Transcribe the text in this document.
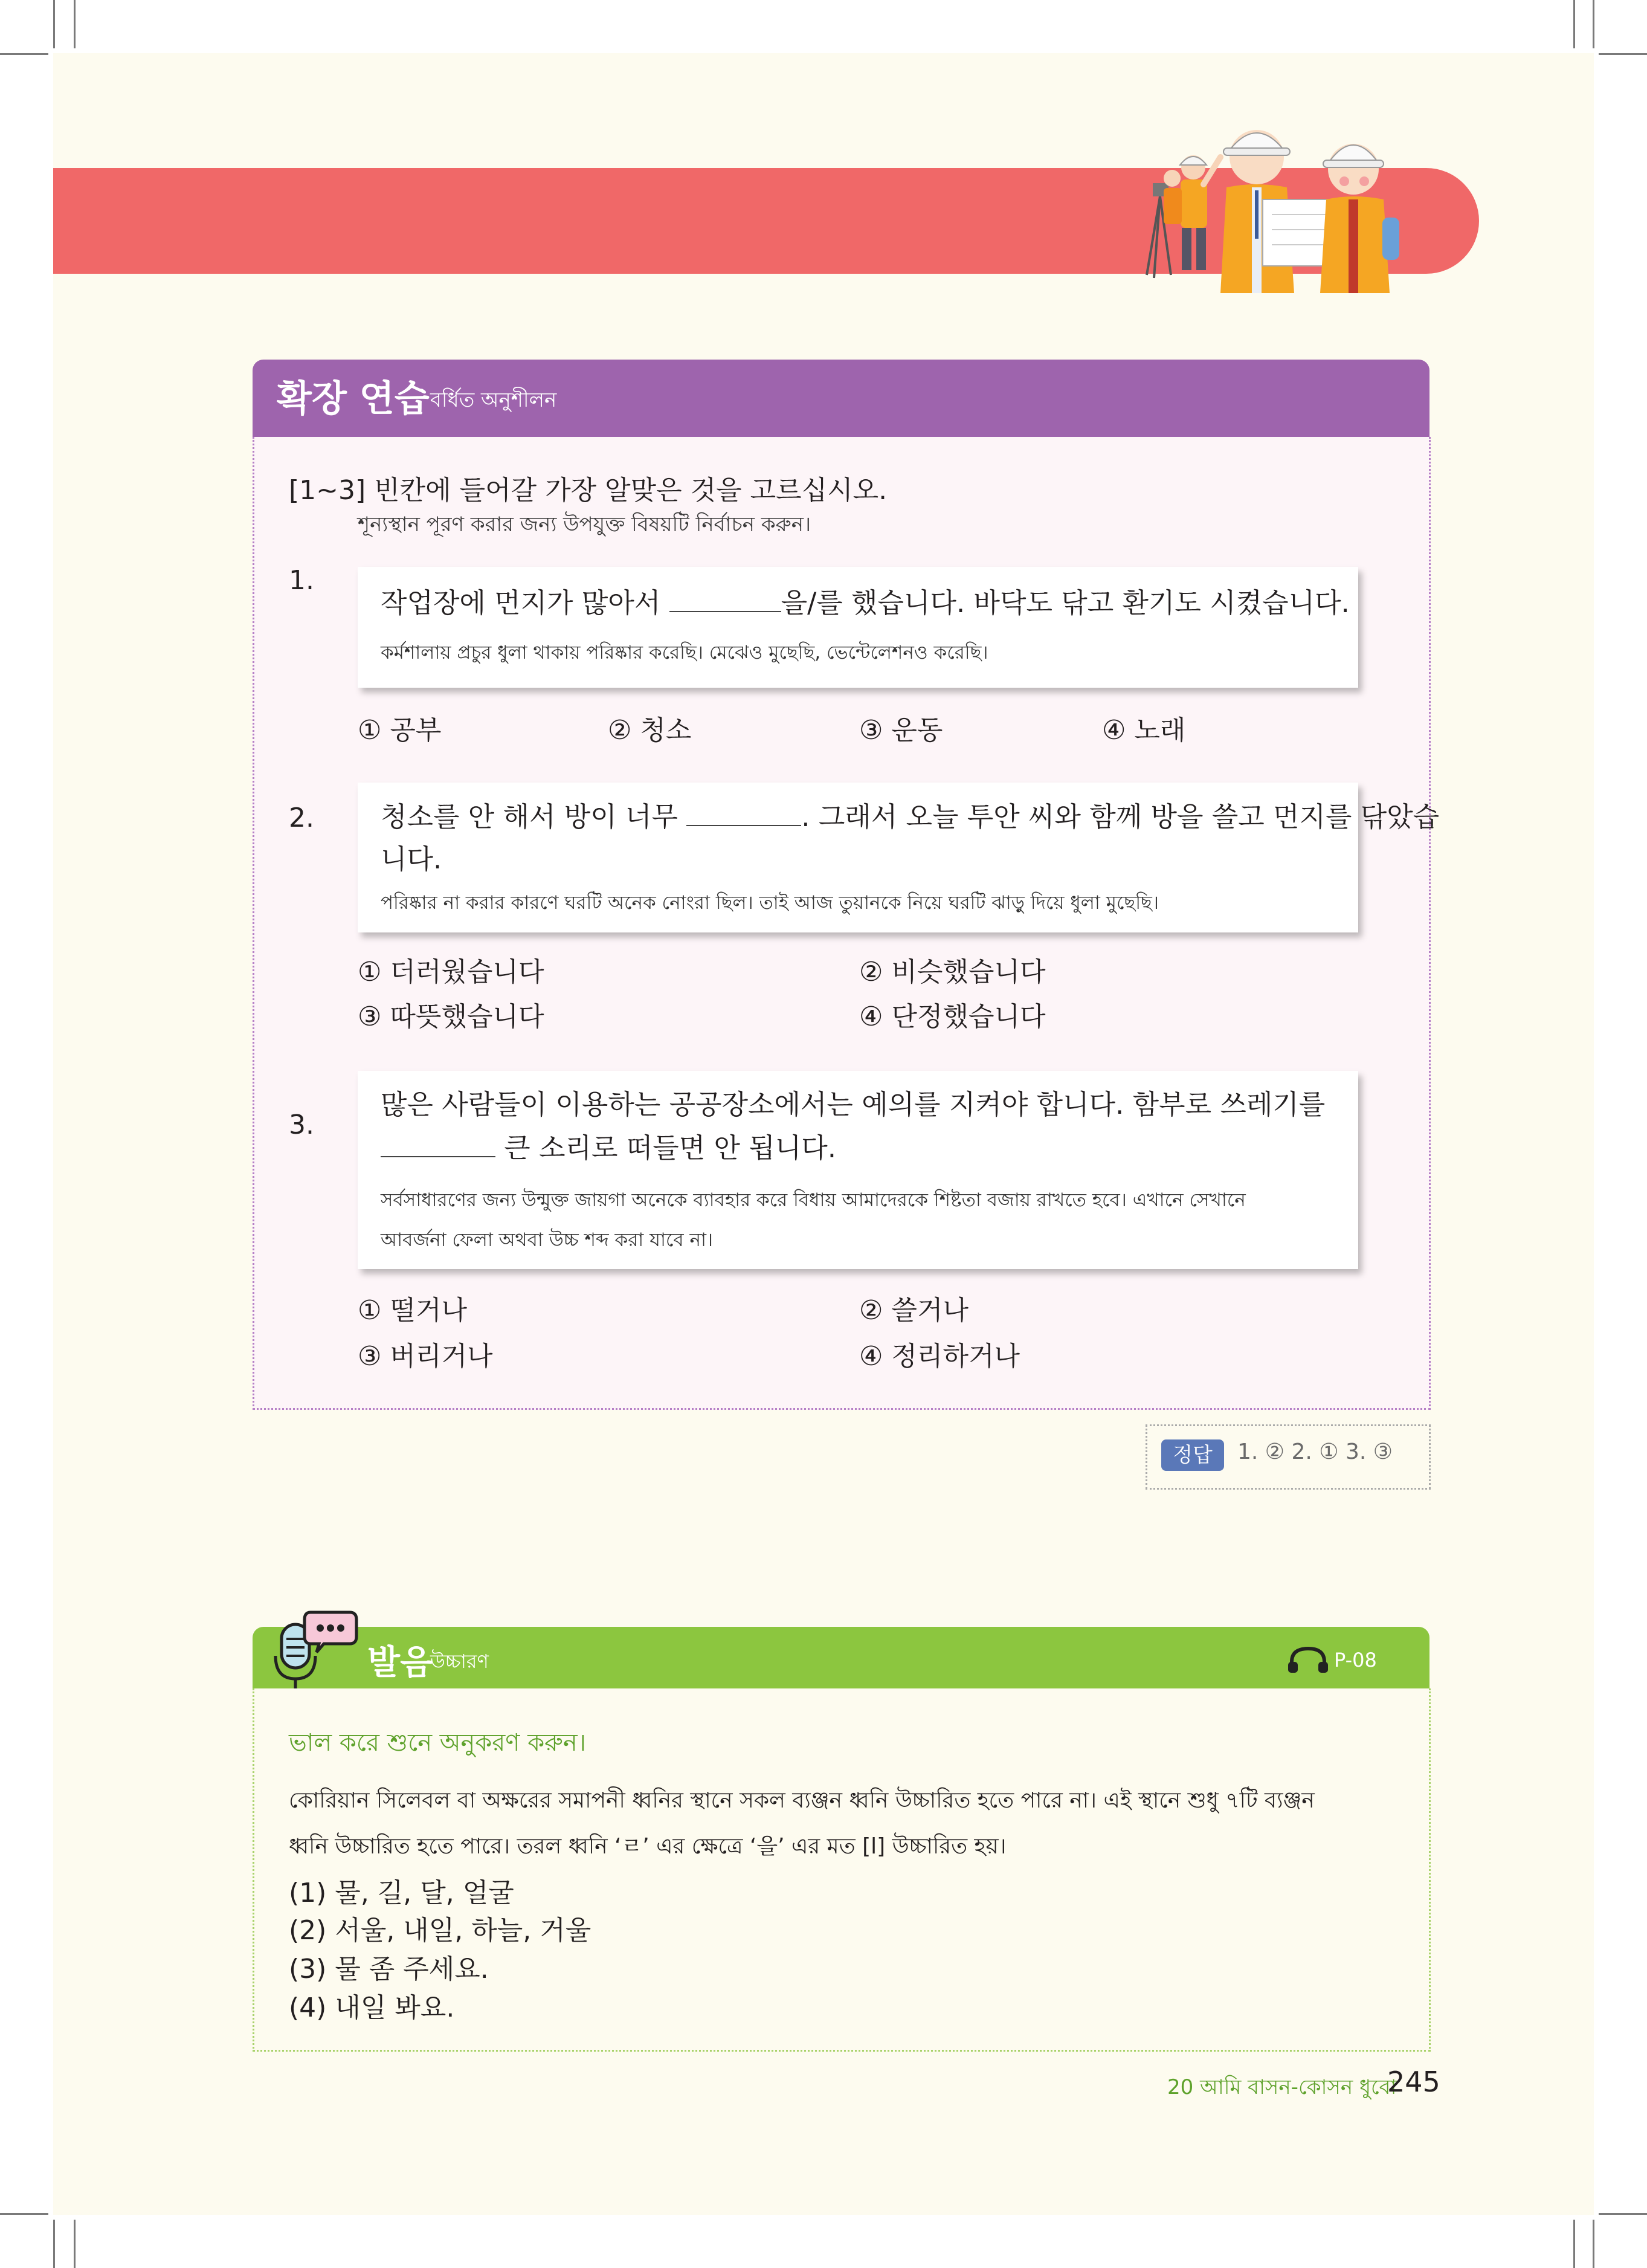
확장 연습 বর্ধিত অনুশীলন
[1~3] 빈칸에 들어갈 가장 알맞은 것을 고르십시오.
শূন্যস্থান পূরণ করার জন্য উপযুক্ত বিষয়টি নির্বাচন করুন।
1.
작업장에 먼지가 많아서	을/를 했습니다. 바닥도 닦고 환기도 시켰습니다.
কর্মশালায় প্রচুর ধুলা থাকায় পরিষ্কার করেছি। মেঝেও মুছেছি, ভেন্টেলেশনও করেছি।
① 공부	② 청소	③ 운동	④ 노래
2. 청소를 안 해서 방이 너무	. 그래서 오늘 투안 씨와 함께 방을 쓸고 먼지를 닦았습
니다.
পরিষ্কার না করার কারণে ঘরটি অনেক নোংরা ছিল। তাই আজ তুয়ানকে নিয়ে ঘরটি ঝাড়ু দিয়ে ধুলা মুছেছি।
① 더러웠습니다	② 비슷했습니다
③ 따뜻했습니다	④ 단정했습니다
3.
많은 사람들이 이용하는 공공장소에서는 예의를 지켜야 합니다. 함부로 쓰레기를
큰 소리로 떠들면 안 됩니다.
সর্বসাধারণের জন্য উন্মুক্ত জায়গা অনেকে ব্যাবহার করে বিধায় আমাদেরকে শিষ্টতা বজায় রাখতে হবে। এখানে সেখানে
আবর্জনা ফেলা অথবা উচ্চ শব্দ করা যাবে না।
① 떨거나	② 쓸거나
③ 버리거나	④ 정리하거나
정답	1. ② 2. ① 3. ③
발음
উচ্চারণ	P-08
ভাল করে শুনে অনুকরণ করুন।
কোরিয়ান সিলেবল বা অক্ষরের সমাপনী ধ্বনির স্থানে সকল ব্যঞ্জন ধ্বনি উচ্চারিত হতে পারে না। এই স্থানে শুধু ৭টি ব্যঞ্জন
ধ্বনি উচ্চারিত হতে পারে। তরল ধ্বনি ‘ㄹ’ এর ক্ষেত্রে ‘을’ এর মত [l] উচ্চারিত হয়।
(1) 물, 길, 달, 얼굴
(2) 서울, 내일, 하늘, 거울
(3) 물 좀 주세요.
(4) 내일 봐요.
20 আমি বাসন-কোসন ধুবো
245
